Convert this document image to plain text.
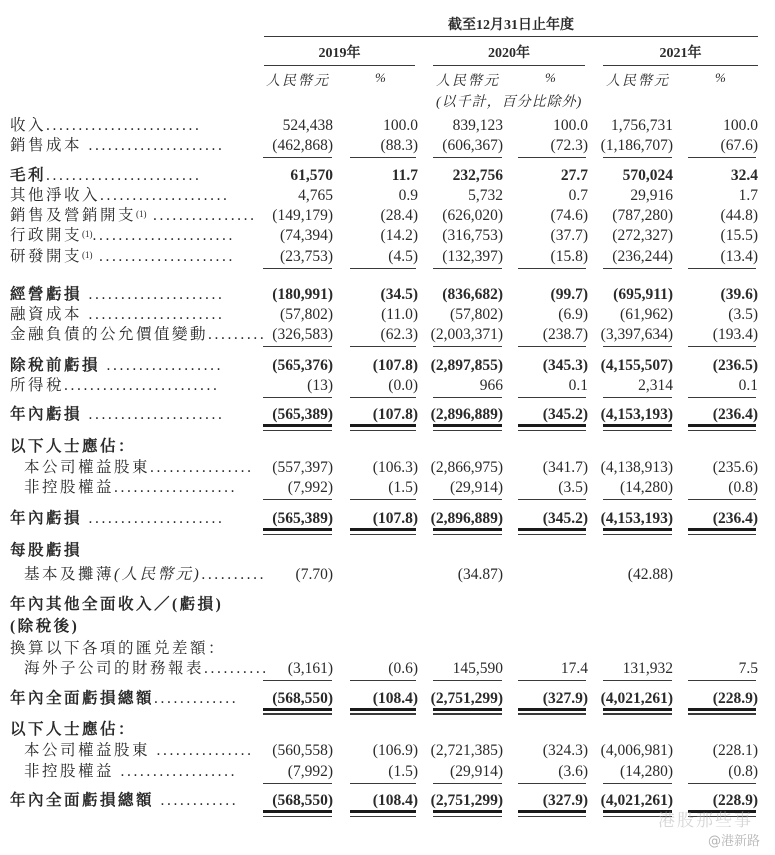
截至12月31日止年度
2019年	2020年	2021年
人民幣元	%	人民幣元	%	人民幣元	%
(以千計，百分比除外)
收入........................	524,438	100.0 839,123	100.0 1,756,731	100.0
銷售成本 .....................	(462,868)	(88.3) (606,367)	(72.3) (1,186,707)	(67.6)
毛利........................	61,570	11.7 232,756	27.7 570,024	32.4
其他淨收入....................	4,765	0.9	5,732	0.7	29,916	1.7
銷售及營銷開支$^{(1)}$ ................ (149,179)	(28.4) (626,020)	(74.6) (787,280)	(44.8)
行政開支$^{(1)}$......................	(74,394)	(14.2) (316,753)	(37.7) (272,327)	(15.5)
研發開支$^{(1)}$ .....................	(23,753)	(4.5) (132,397)	(15.8) (236,244)	(13.4)
經營虧損 .....................	(180,991)	(34.5) (836,682)	(99.7) (695,911)	(39.6)
融資成本 .....................	(57,802)	(11.0) (57,802)	(6.9) (61,962)	(3.5)
金融負債的公允價值變動......... (326,583)	(62.3) (2,003,371)	(238.7) (3,397,634)	(193.4)
除稅前虧損 ..................	(565,376)	(107.8) (2,897,855)	(345.3) (4,155,507)	(236.5)
所得稅........................	(13)	(0.0)	966	0.1	2,314	0.1
年內虧損 .....................	(565,389)	(107.8) (2,896,889)	(345.2) (4,153,193)	(236.4)
以下人士應佔：
本公司權益股東................ (557,397)	(106.3) (2,866,975)	(341.7) (4,138,913)	(235.6)
非控股權益...................	(7,992)	(1.5) (29,914)	(3.5) (14,280)	(0.8)
年內虧損 .....................	(565,389)	(107.8) (2,896,889)	(345.2) (4,153,193)	(236.4)
每股虧損
基本及攤薄(人民幣元).......... (7.70)	(34.87)	(42.88)
年內其他全面收入／(虧損)
(除稅後)
換算以下各項的匯兑差額：
海外子公司的財務報表.......... (3,161)	(0.6) 145,590	17.4 131,932	7.5
年內全面虧損總額............. (568,550)	(108.4) (2,751,299)	(327.9) (4,021,261)	(228.9)
以下人士應佔：
本公司權益股東 ............... (560,558)	(106.9) (2,721,385)	(324.3) (4,006,981)	(228.1)
非控股權益 ..................	(7,992)	(1.5) (29,914)	(3.6) (14,280)	(0.8)
年內全面虧損總額 ............ (568,550)	(108.4) (2,751,299)	(327.9) (4,021,261)	(228.9)
港股那些事
@港新路
